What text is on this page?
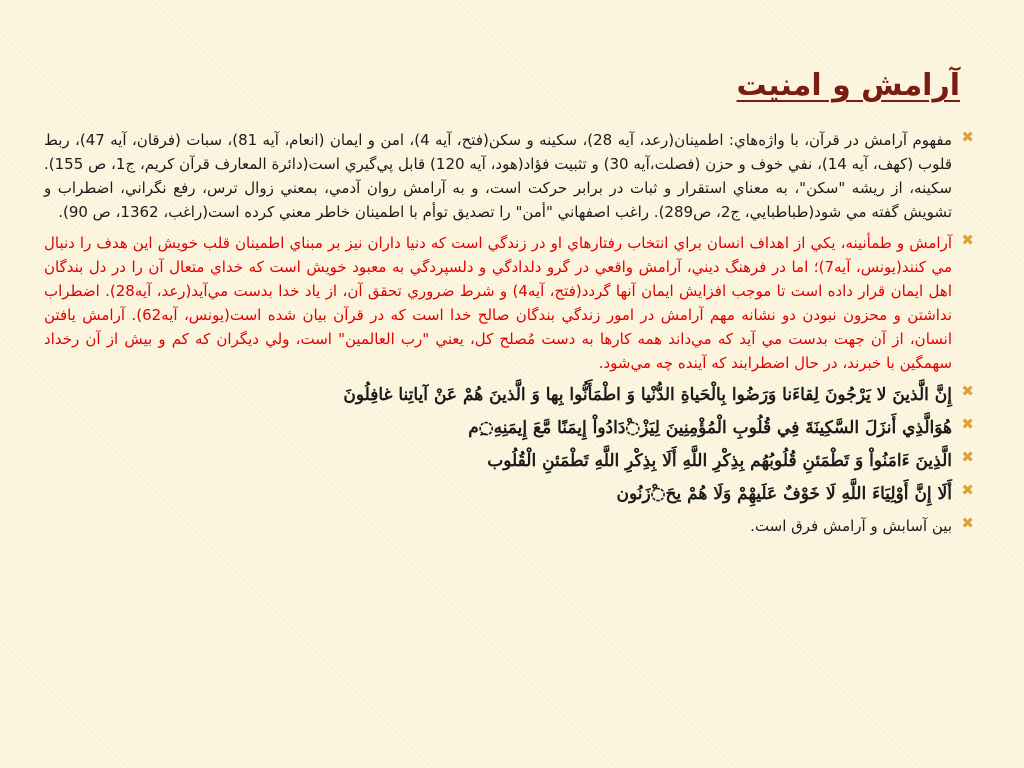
آرامش و امنیت
✖
مفهوم آرامش در قرآن، با واژه‌هاي: اطمينان(رعد، آيه 28)، سكينه و سكن(فتح، آيه 4)، امن و ايمان (انعام، آيه 81)، سبات (فرقان، آيه 47)، ربط قلوب (كهف، آيه 14)، نفي خوف و حزن (فصلت،آيه 30) و تثبيت فؤاد(هود، آيه 120) قابل پي‌گيري است(دائرة المعارف قرآن كريم، ج1، ص 155). سكينه، از ريشه "سكن"، به معناي استقرار و ثبات در برابر حركت است، و به آرامش روان آدمي، بمعني زوال ترس، رفع نگراني، اضطراب و تشويش گفته مي شود(طباطبايي، ج2، ص289). راغب اصفهاني "أمن" را تصديق توأم با اطمينان خاطر معني كرده است(راغب، 1362، ص 90).
✖
آرامش و طمأنينه، يكي از اهداف انسان براي انتخاب رفتارهاي او در زندگي است كه دنيا داران نيز بر مبناي اطمينان قلب خويش اين هدف را دنبال مي كنند(يونس، آيه7)؛ اما در فرهنگ ديني، آرامش واقعي در گرو دلدادگي و دلسپردگي به معبود خويش است كه خداي متعال آن را در دل بندگان اهل ايمان قرار داده است تا موجب افزايش ايمان آنها گردد(فتح، آيه4) و شرط ضروري تحقق آن، از ياد خدا بدست مي‌آيد(رعد، آيه28). اضطراب نداشتن و محزون نبودن دو نشانه مهم آرامش در امور زندگي بندگان صالح خدا است كه در قرآن بيان شده است(يونس، آيه62). آرامش يافتن انسان، از آن جهت بدست مي آيد كه مي‌داند همه كارها به دست مُصلح كل، يعني "رب العالمين" است، ولي ديگران كه كم و بيش از آن رخداد سهمگين با خبرند، در حال اضطرابند كه آينده چه مي‌شود.
✖
إِنَّ الَّذينَ لا يَرْجُونَ لِقاءَنا وَرَضُوا بِالْحَياةِ الدُّنْيا وَ اطْمَأَنُّوا بِها وَ الَّذينَ هُمْ عَنْ آياتِنا غافِلُونَ
✖
هُوَالَّذِي أَنزَلَ السَّكِينَةَ فِي قُلُوبِ الْمُؤْمِنِينَ لِيَزْ◌ْدَادُواْ إِيمَنًا مَّعَ إِيمَنِهِ◌ِم
✖
الَّذِينَ ءَامَنُواْ وَ تَطْمَئنِ قُلُوبُهُم بِذِكْرِ اللَّهِ أَلَا بِذِكْرِ اللَّهِ تَطْمَئنِ الْقُلُوب
✖
أَلَا إِنَّ أَوْلِيَاءَ اللَّهِ لَا خَوْفٌ عَلَيهِْمْ وَلَا هُمْ يحَ◌ْزَنُون
✖
بين آسابش و آرامش فرق است.
